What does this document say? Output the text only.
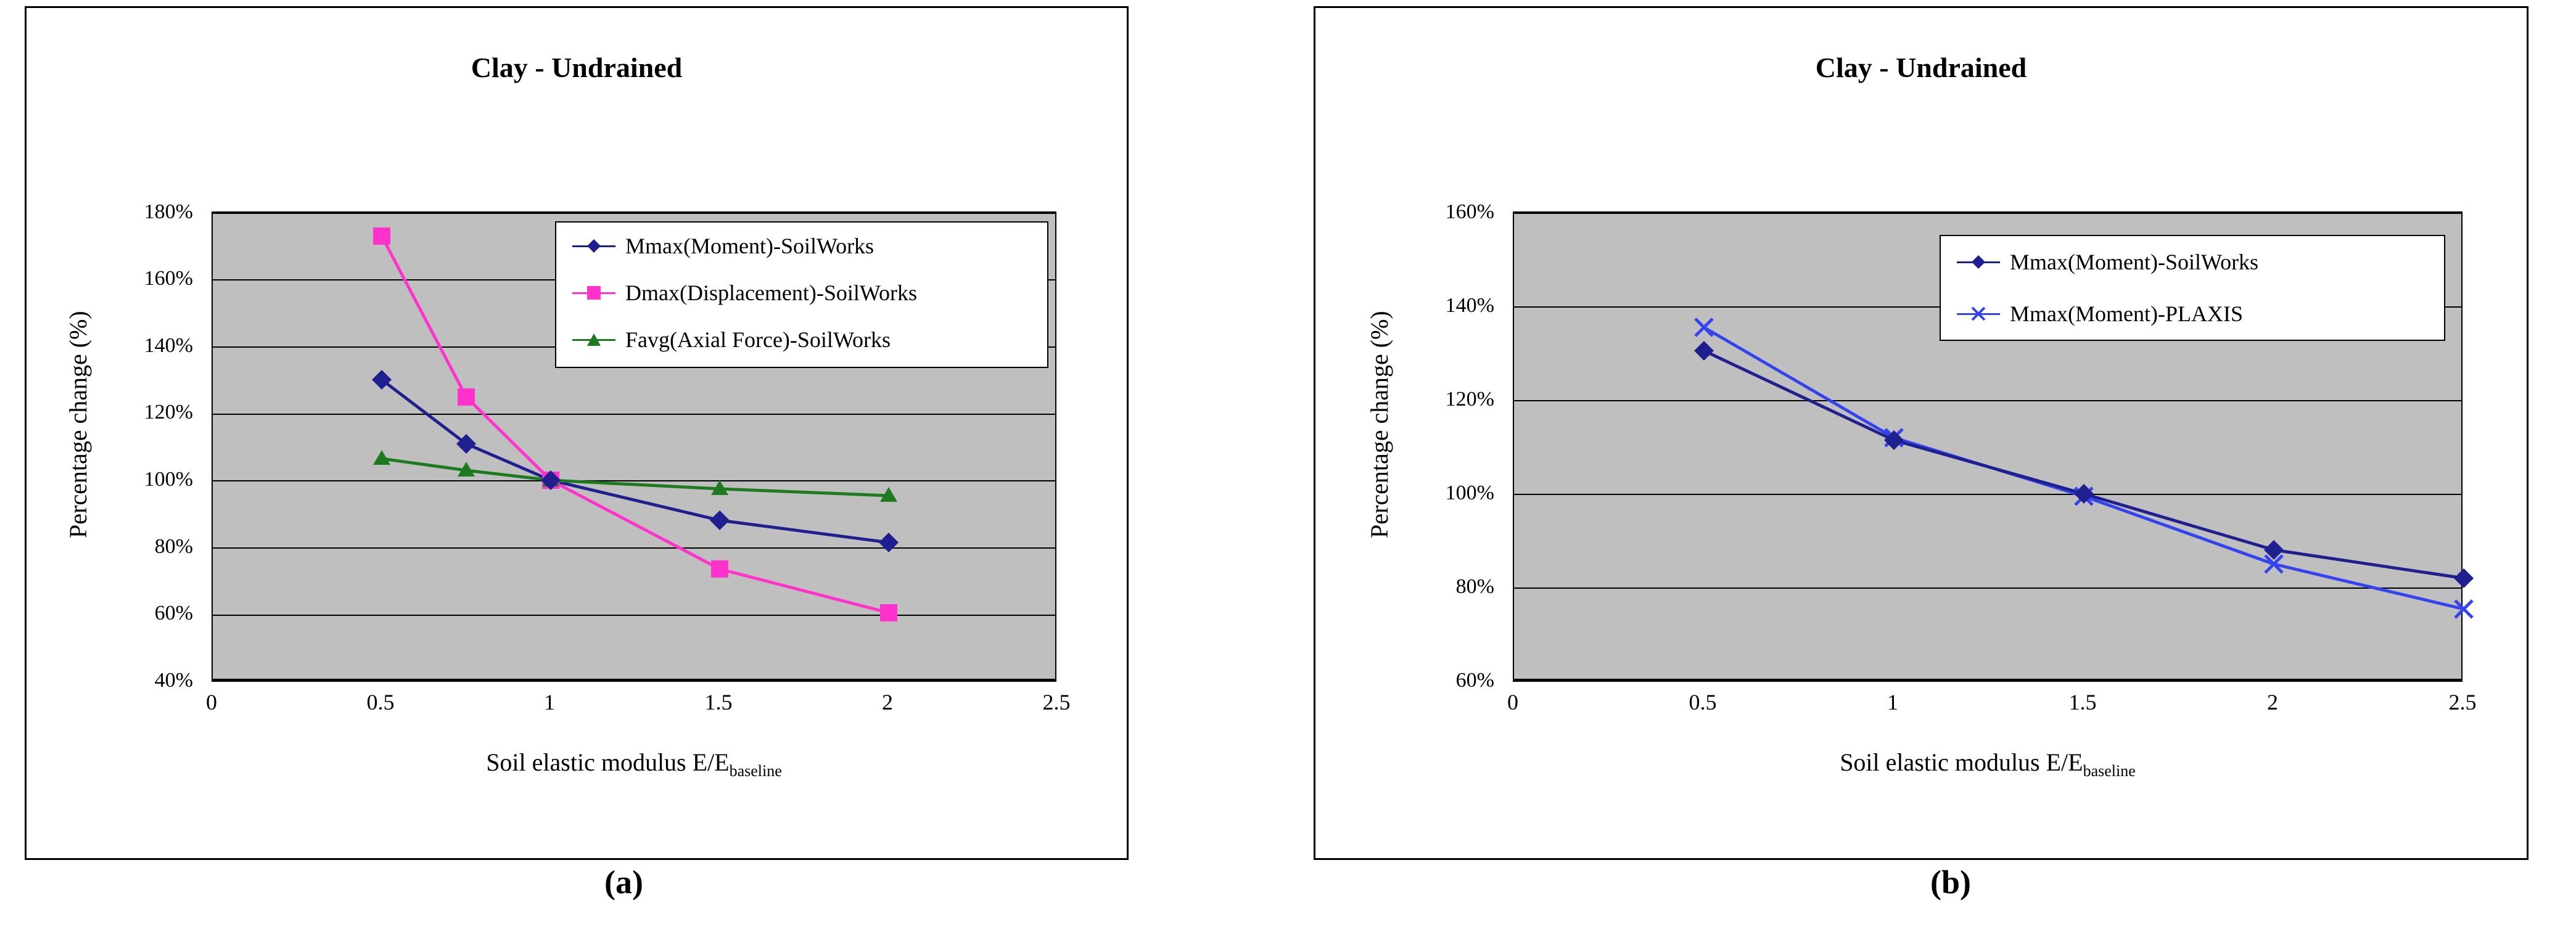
Clay - Undrained
Percentage change (%)
180%
160%
140%
120%
100%
80%
60%
40%
Mmax(Moment)-SoilWorks
Dmax(Displacement)-SoilWorks
Favg(Axial Force)-SoilWorks
0	0.5	1	1.5	2	2.5
Soil elastic modulus $E/E_{baseline}$
(a)
Clay - Undrained
Percentage change (%)
160%
140%
120%
100%
80%
60%
Mmax(Moment)-SoilWorks
Mmax(Moment)-PLAXIS
0	0.5	1	1.5	2	2.5
Soil elastic modulus $E/E_{baseline}$
(b)
